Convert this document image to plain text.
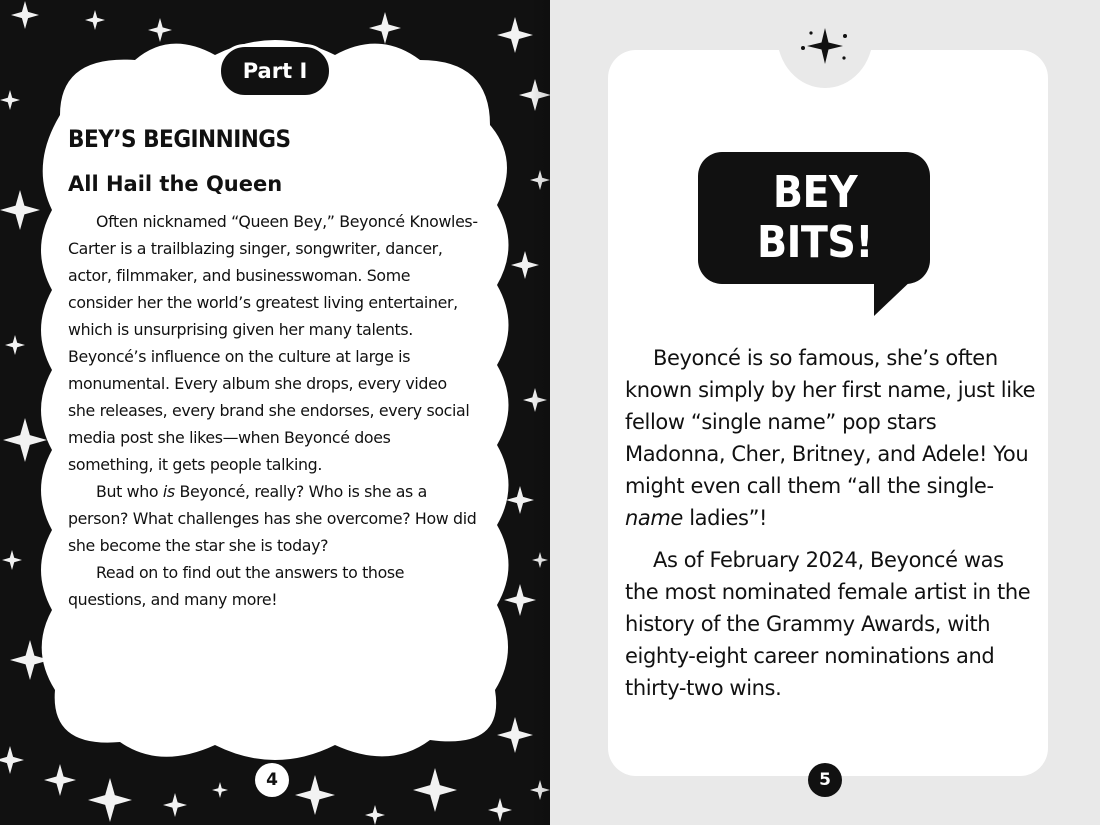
Part I
BEY’S BEGINNINGS
All Hail the Queen

Often nicknamed “Queen Bey,” Beyoncé Knowles-Carter is a trailblazing singer, songwriter, dancer, actor, filmmaker, and businesswoman. Some consider her the world’s greatest living entertainer, which is unsurprising given her many talents. Beyoncé’s influence on the culture at large is monumental. Every album she drops, every video she releases, every brand she endorses, every social media post she likes—when Beyoncé does something, it gets people talking.

But who is Beyoncé, really? Who is she as a person? What challenges has she overcome? How did she become the star she is today?

Read on to find out the answers to those questions, and many more!

4
BEY
BITS!

Beyoncé is so famous, she’s often known simply by her first name, just like fellow “single name” pop stars Madonna, Cher, Britney, and Adele! You might even call them “all the single-name ladies”!

As of February 2024, Beyoncé was the most nominated female artist in the history of the Grammy Awards, with eighty-eight career nominations and thirty-two wins.

5
